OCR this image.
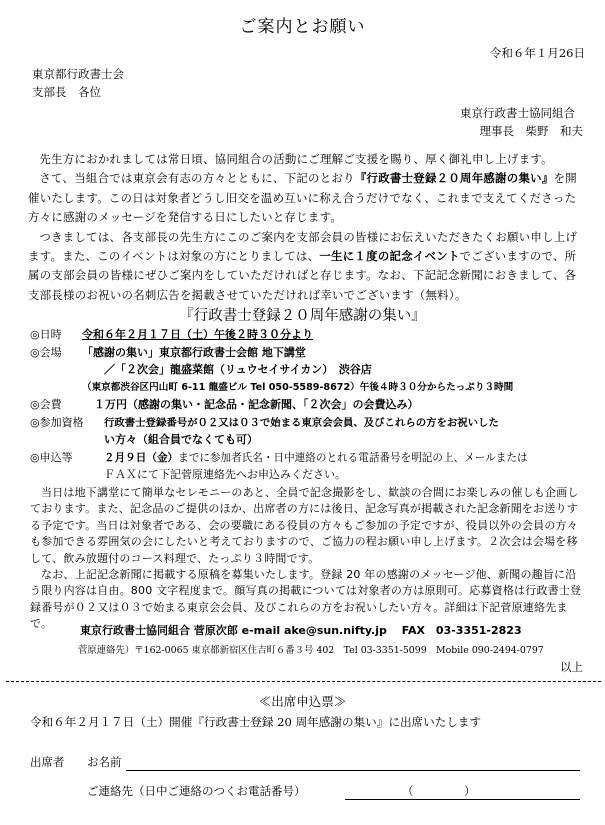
ご案内とお願い
令和６年１月26日
東京都行政書士会
支部長　各位
東京行政書士協同組合
理事長　柴野　和夫

先生方におかれましては常日頃、協同組合の活動にご理解ご支援を賜り、厚く御礼申し上げます。

さて、当組合では東京会有志の方々とともに、下記のとおり『行政書士登録２０周年感謝の集い』を開催いたします。この日は対象者どうし旧交を温め互いに称え合うだけでなく、これまで支えてくださった方々に感謝のメッセージを発信する日にしたいと存じます。

つきましては、各支部長の先生方にこのご案内を支部会員の皆様にお伝えいただきたくお願い申し上げます。また、このイベントは対象の方にとりましては、一生に１度の記念イベントでございますので、所属の支部会員の皆様にぜひご案内をしていただければと存じます。なお、下記記念新聞におきまして、各支部長様のお祝いの名刺広告を掲載させていただければ幸いでございます（無料）。

『行政書士登録２０周年感謝の集い』
◎日時 令和６年２月１７日（土）午後２時３０分より
◎会場 「感謝の集い」東京都行政書士会館 地下講堂
／「２次会」龍盛菜館（リュウセイサイカン）　渋谷店
（東京都渋谷区円山町 6-11 龍盛ビル Tel 050-5589-8672）午後４時３０分からたっぷり３時間
◎会費	１万円（感謝の集い・記念品・記念新聞、「２次会」の会費込み）
◎参加資格 行政書士登録番号が０２又は０３で始まる東京会会員、及びこれらの方をお祝いした
い方々（組合員でなくても可）
◎申込等	２月９日（金）までに参加者氏名・日中連絡のとれる電話番号を明記の上、メールまたは
ＦＡＸにて下記菅原連絡先へお申込みください。

当日は地下講堂にて簡単なセレモニーのあと、全員で記念撮影をし、歓談の合間にお楽しみの催しも企画しております。また、記念品のご提供のほか、出席者の方には後日、記念写真が掲載された記念新聞をお送りする予定です。当日は対象者である、会の要職にある役員の方々もご参加の予定ですが、役員以外の会員の方々も参加できる雰囲気の会にしたいと考えておりますので、ご協力の程お願い申し上げます。２次会は会場を移して、飲み放題付のコース料理で、たっぷり３時間です。

なお、上記記念新聞に掲載する原稿を募集いたします。登録 20 年の感謝のメッセージ他、新聞の趣旨に沿う限り内容は自由。800 文字程度まで。顔写真の掲載については対象者の方は原則可。応募資格は行政書士登録番号が０２又は０３で始まる東京会会員、及びこれらの方をお祝いしたい方々。詳細は下記菅原連絡先まで。

東京行政書士協同組合 菅原次郎 e-mail ake@sun.nifty.jp　 FAX　03-3351-2823
菅原連絡先）〒162-0065 東京都新宿区住吉町６番３号 402　Tel 03-3351-5099　Mobile 090-2494-0797
以上
≪出席申込票≫
令和６年２月１７日（土）開催『行政書士登録 20 周年感謝の集い』に出席いたします
出席者 お名前
ご連絡先（日中ご連絡のつくお電話番号）	（	）
